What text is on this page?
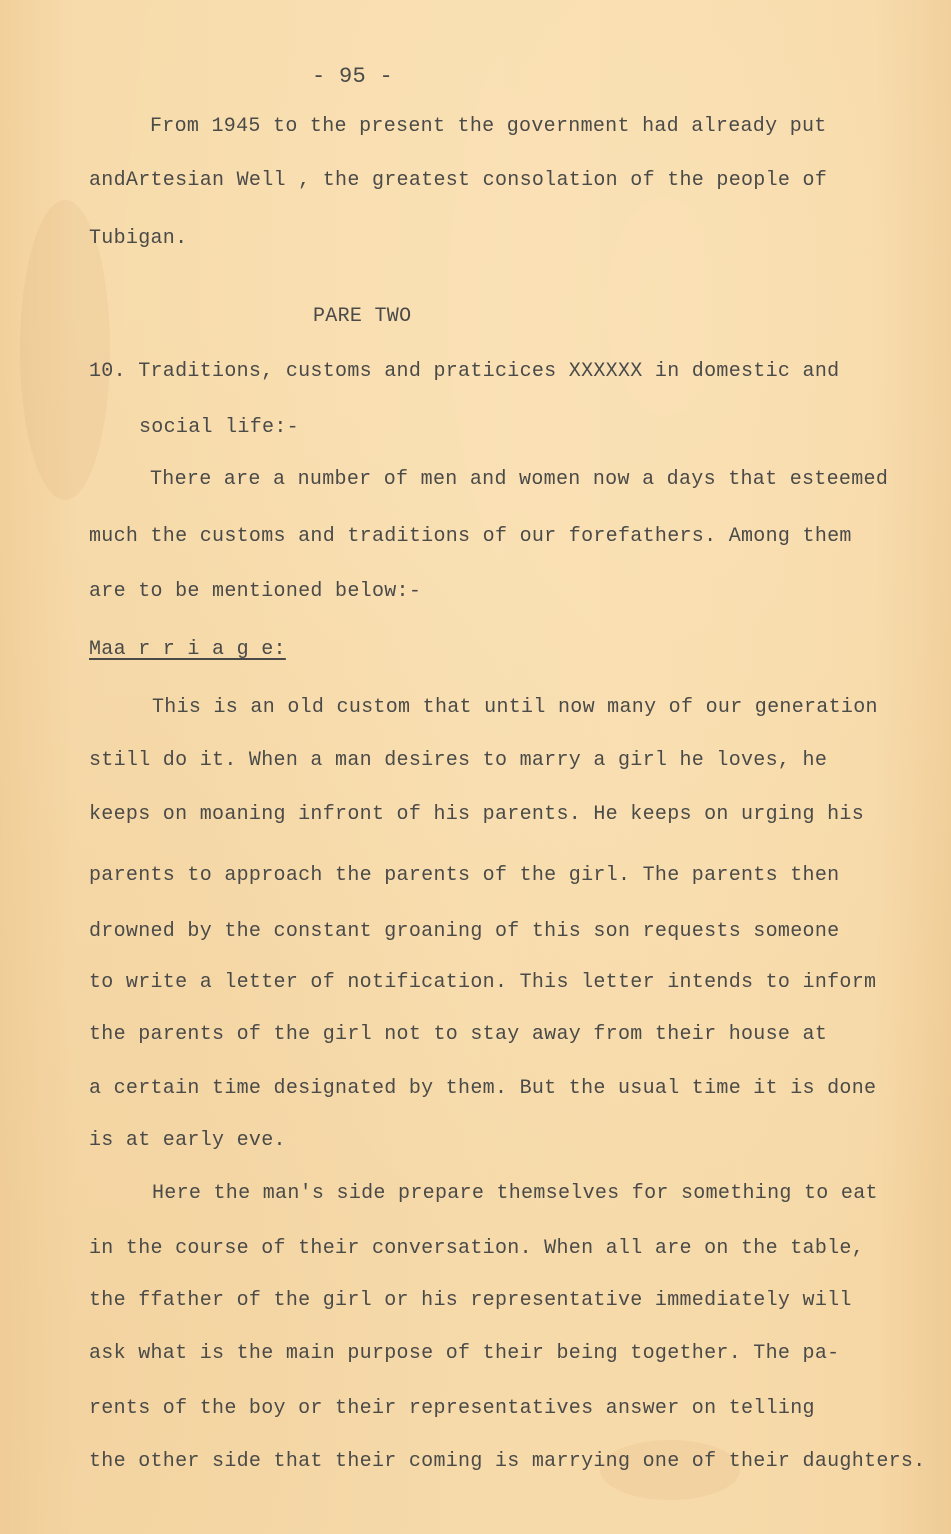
- 95 -
From 1945 to the present the government had already put
andArtesian Well , the greatest consolation of the people of
Tubigan.
PARE TWO
10. Traditions, customs and praticices XXXXXX in domestic and
social life:-
There are a number of men and women now a days that esteemed
much the customs and traditions of our forefathers. Among them
are to be mentioned below:-
Maa r r i a g e:
This is an old custom that until now many of our generation
still do it. When a man desires to marry a girl he loves, he
keeps on moaning infront of his parents. He keeps on urging his
parents to approach the parents of the girl. The parents then
drowned by the constant groaning of this son requests someone
to write a letter of notification. This letter intends to inform
the parents of the girl not to stay away from their house at
a certain time designated by them. But the usual time it is done
is at early eve.
Here the man's side prepare themselves for something to eat
in the course of their conversation. When all are on the table,
the ffather of the girl or his representative immediately will
ask what is the main purpose of their being together. The pa-
rents of the boy or their representatives answer on telling
the other side that their coming is marrying one of their daughters.
